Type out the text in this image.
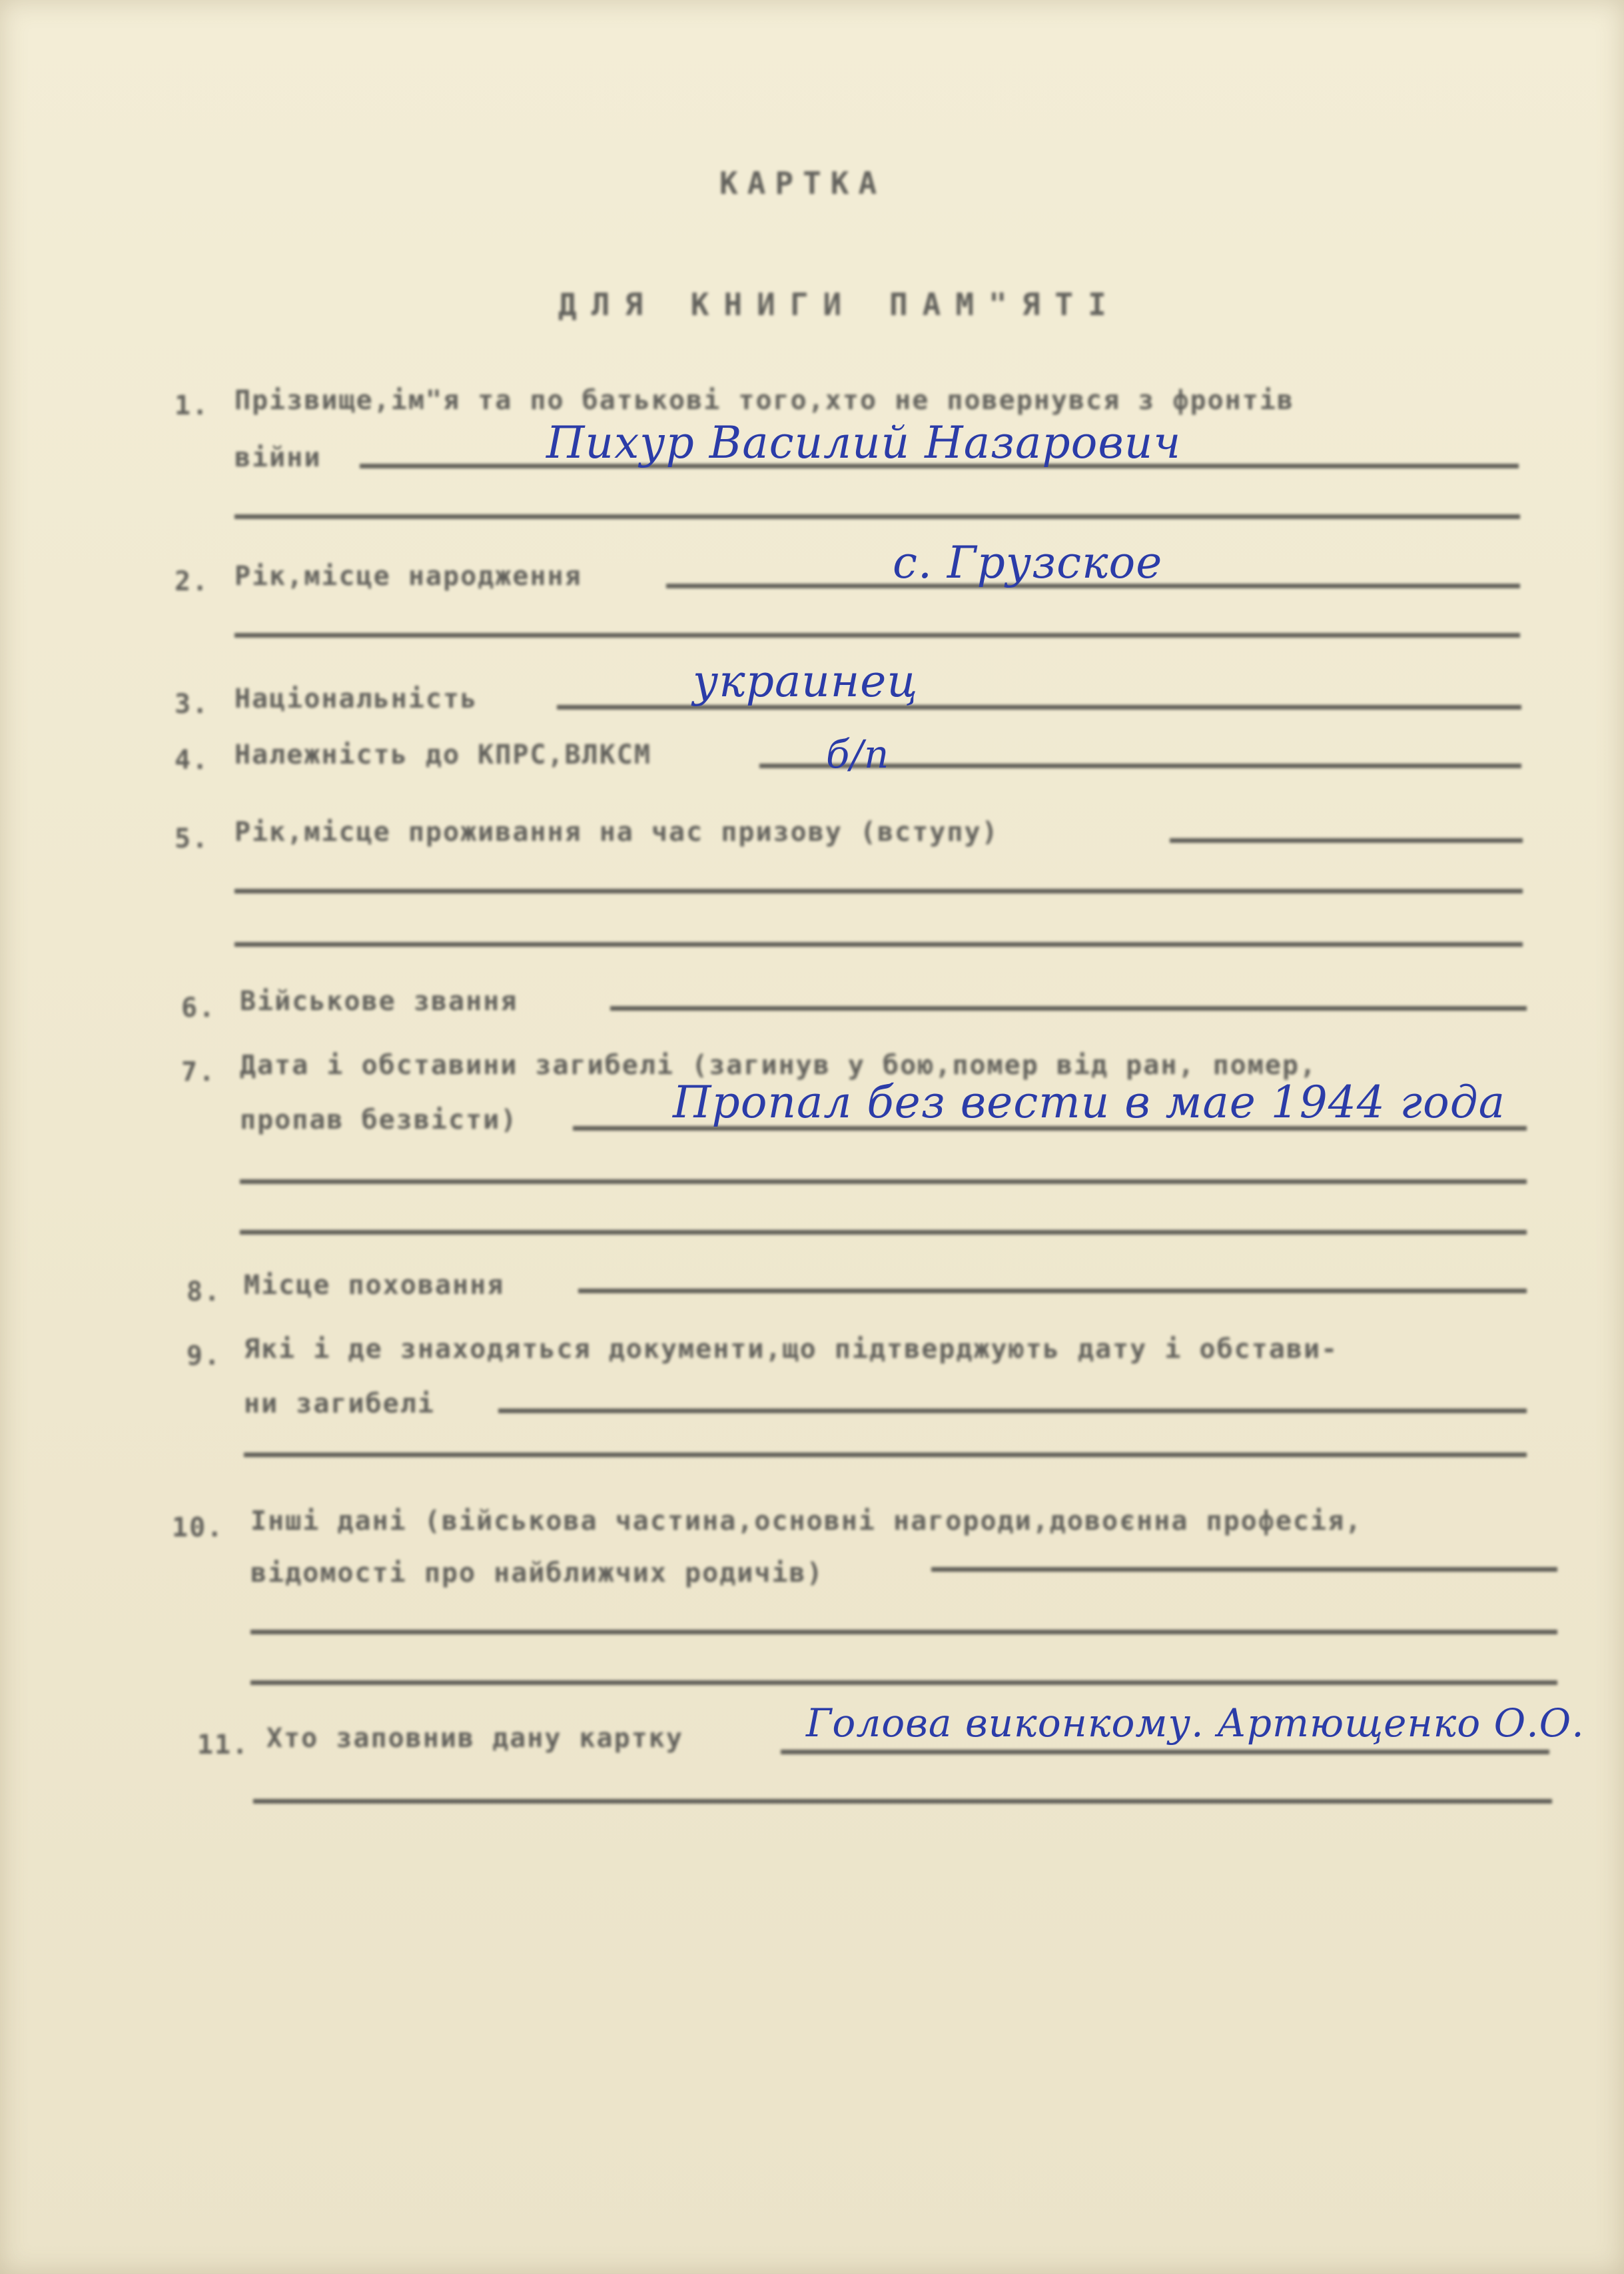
КАРТКА
ДЛЯ КНИГИ ПАМ"ЯТІ
1. Прізвище,ім"я та по батькові того,хто не повернувся з фронтів
війни	Пихур Василий Назарович
2. Рік,місце народження	с. Грузское
3. Національність	украинец
4. Належність до КПРС,ВЛКСМ	б/п
5. Рік,місце проживання на час призову (вступу)
6. Військове звання
7. Дата і обставини загибелі (загинув у бою,помер від ран, помер,
пропав безвісти)	Пропал без вести в мае 1944 года
8. Місце поховання
9. Які і де знаходяться документи,що підтверджують дату і обстави-
ни загибелі
10. Інші дані (військова частина,основні нагороди,довоєнна професія,
відомості про найближчих родичів)
11. Хто заповнив дану картку	Голова виконкому. Артющенко О.О.
